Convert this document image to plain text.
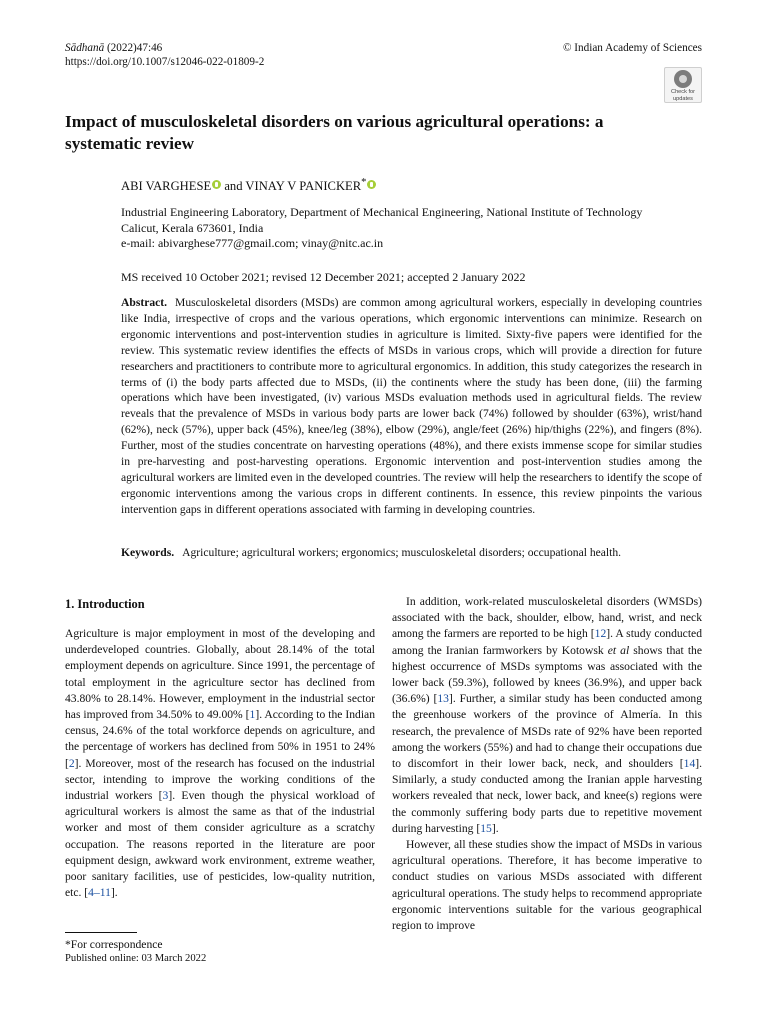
Sādhanā (2022)47:46
https://doi.org/10.1007/s12046-022-01809-2
© Indian Academy of Sciences
Check for
updates
Impact of musculoskeletal disorders on various agricultural operations: a systematic review
ABI VARGHESE and VINAY V PANICKER*
Industrial Engineering Laboratory, Department of Mechanical Engineering, National Institute of Technology
Calicut, Kerala 673601, India
e-mail: abivarghese777@gmail.com; vinay@nitc.ac.in
MS received 10 October 2021; revised 12 December 2021; accepted 2 January 2022
Abstract. Musculoskeletal disorders (MSDs) are common among agricultural workers, especially in developing countries like India, irrespective of crops and the various operations, which ergonomic interventions can minimize. Research on ergonomic interventions and post-intervention studies in agriculture is limited. Sixty-five papers were identified for the review. This systematic review identifies the effects of MSDs in various crops, which will provide a direction for future researchers and practitioners to contribute more to agricultural ergonomics. In addition, this study categorizes the research in terms of (i) the body parts affected due to MSDs, (ii) the continents where the study has been done, (iii) the farming operations which have been investigated, (iv) various MSDs evaluation methods used in agricultural fields. The review reveals that the prevalence of MSDs in various body parts are lower back (74%) followed by shoulder (63%), wrist/hand (62%), neck (57%), upper back (45%), knee/leg (38%), elbow (29%), angle/feet (26%) hip/thighs (22%), and fingers (8%). Further, most of the studies concentrate on harvesting operations (48%), and there exists immense scope for similar studies in pre-harvesting and post-harvesting operations. Ergonomic intervention and post-intervention studies among the agricultural workers are limited even in the developed countries. The review will help the researchers to identify the scope of ergonomic interventions among the various crops in different continents. In essence, this review pinpoints the various intervention gaps in different operations associated with farming in developing countries.
Keywords. Agriculture; agricultural workers; ergonomics; musculoskeletal disorders; occupational health.
1. Introduction

Agriculture is major employment in most of the developing and underdeveloped countries. Globally, about 28.14% of the total employment depends on agriculture. Since 1991, the percentage of total employment in the agriculture sector has declined from 43.80% to 28.14%. However, employment in the industrial sector has improved from 34.50% to 49.00% [1]. According to the Indian census, 24.6% of the total workforce depends on agriculture, and the percentage of workers has declined from 50% in 1951 to 24% [2]. Moreover, most of the research has focused on the industrial sector, intending to improve the working conditions of the industrial workers [3]. Even though the physical workload of agricultural workers is almost the same as that of the industrial worker and most of them consider agriculture as a scratchy occupation. The reasons reported in the literature are poor equipment design, awkward work environment, extreme weather, poor sanitary facilities, use of pesticides, low-quality nutrition, etc. [4–11].

In addition, work-related musculoskeletal disorders (WMSDs) associated with the back, shoulder, elbow, hand, wrist, and neck among the farmers are reported to be high [12]. A study conducted among the Iranian farmworkers by Kotowsk et al shows that the highest occurrence of MSDs symptoms was associated with the lower back (59.3%), followed by knees (36.9%), and upper back (36.6%) [13]. Further, a similar study has been conducted among the greenhouse workers of the province of Almería. In this research, the prevalence of MSDs rate of 92% have been reported among the workers (55%) and had to change their occupations due to discomfort in their lower back, neck, and shoulders [14]. Similarly, a study conducted among the Iranian apple harvesting workers revealed that neck, lower back, and knee(s) regions were the commonly suffering body parts due to repetitive movement during harvesting [15].

However, all these studies show the impact of MSDs in various agricultural operations. Therefore, it has become imperative to conduct studies on various MSDs associated with different agricultural operations. The study helps to recommend appropriate ergonomic interventions suitable for the various geographical region to improve

*For correspondence
Published online: 03 March 2022
